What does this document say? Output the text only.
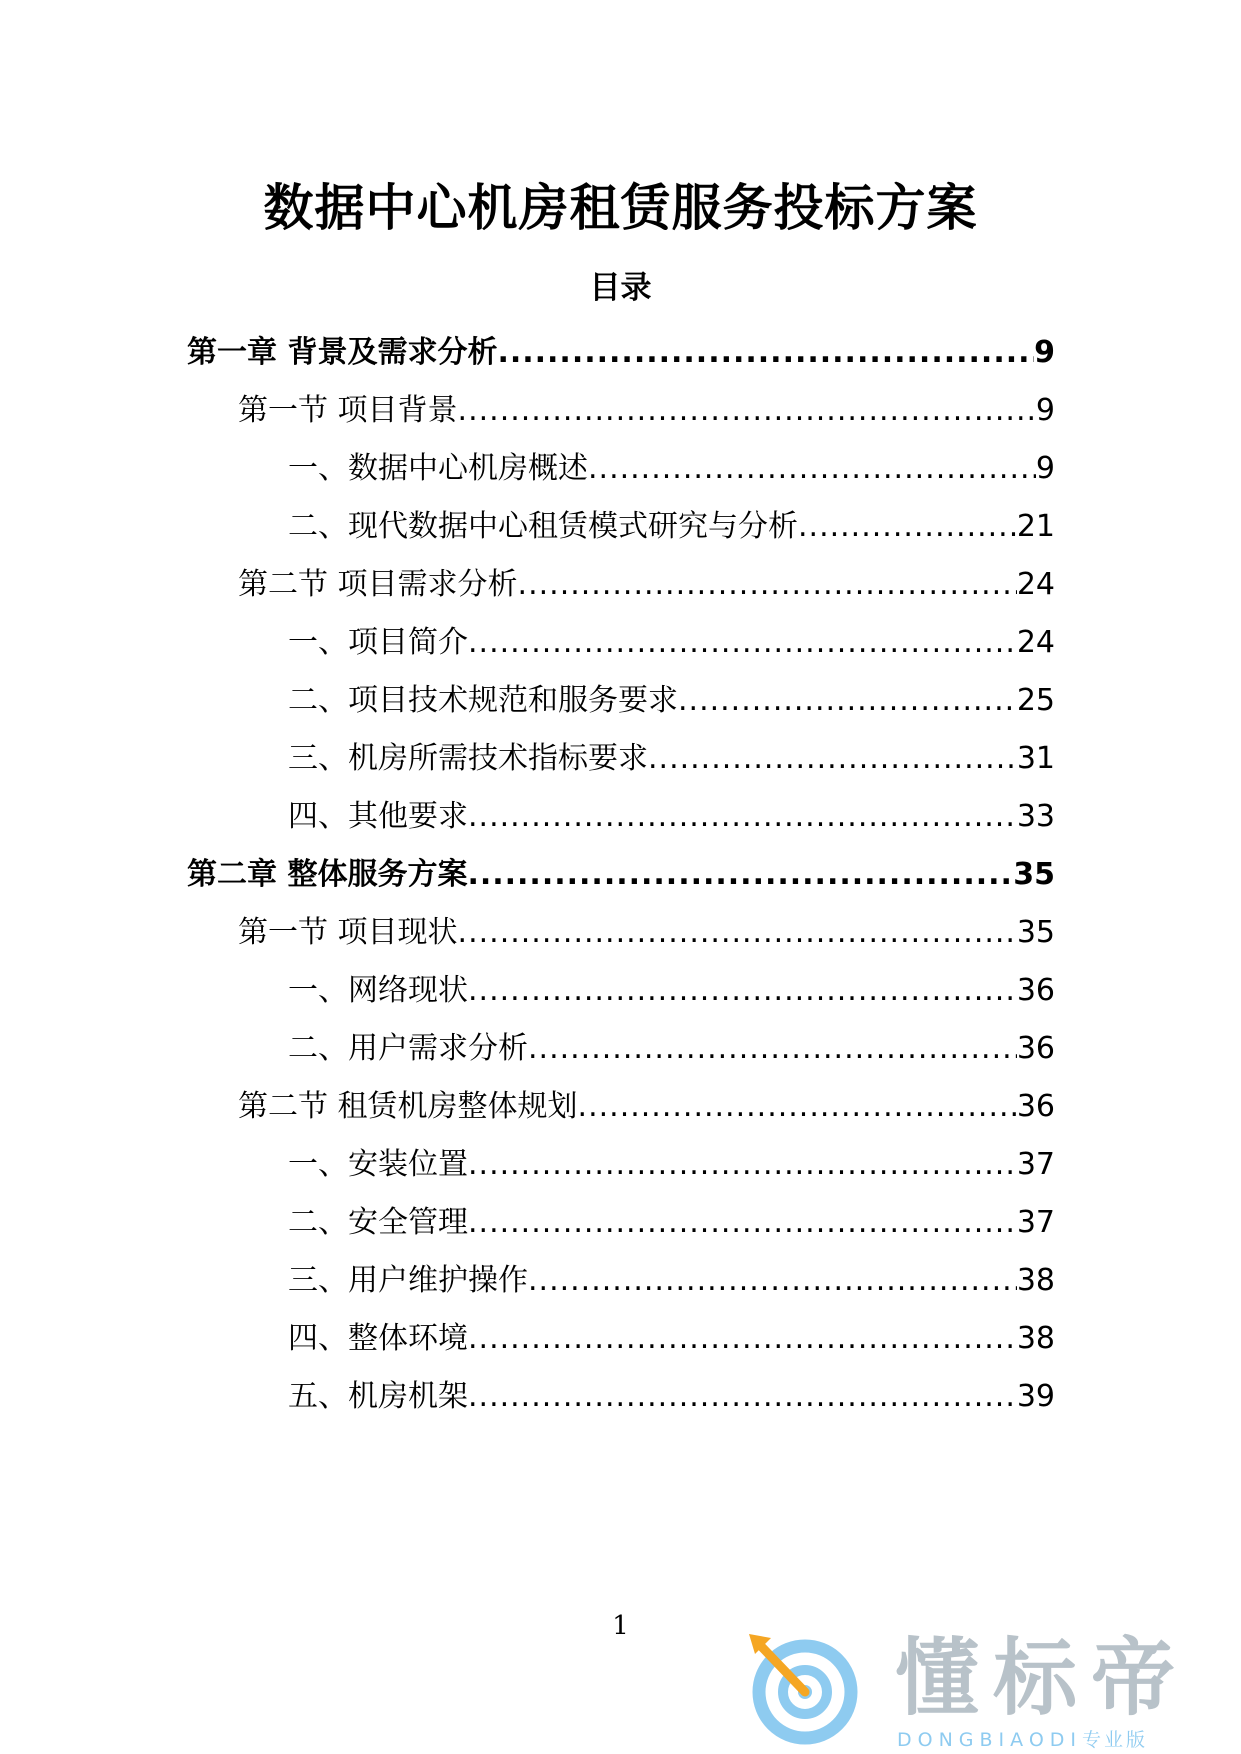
数据中心机房租赁服务投标方案
目录
第一章 背景及需求分析 .....	9
第一节 项目背景 .....	9
一、数据中心机房概述 .....	9
二、现代数据中心租赁模式研究与分析 .....	21
第二节 项目需求分析 .....	24
一、项目简介 .....	24
二、项目技术规范和服务要求 .....	25
三、机房所需技术指标要求 .....	31
四、其他要求 .....	33
第二章 整体服务方案 .....	35
第一节 项目现状 .....	35
一、网络现状 .....	36
二、用户需求分析 .....	36
第二节 租赁机房整体规划 .....	36
一、安装位置 .....	37
二、安全管理 .....	37
三、用户维护操作 .....	38
四、整体环境 .....	38
五、机房机架 .....	39
1
懂标帝
DONGBIAODI专业版
